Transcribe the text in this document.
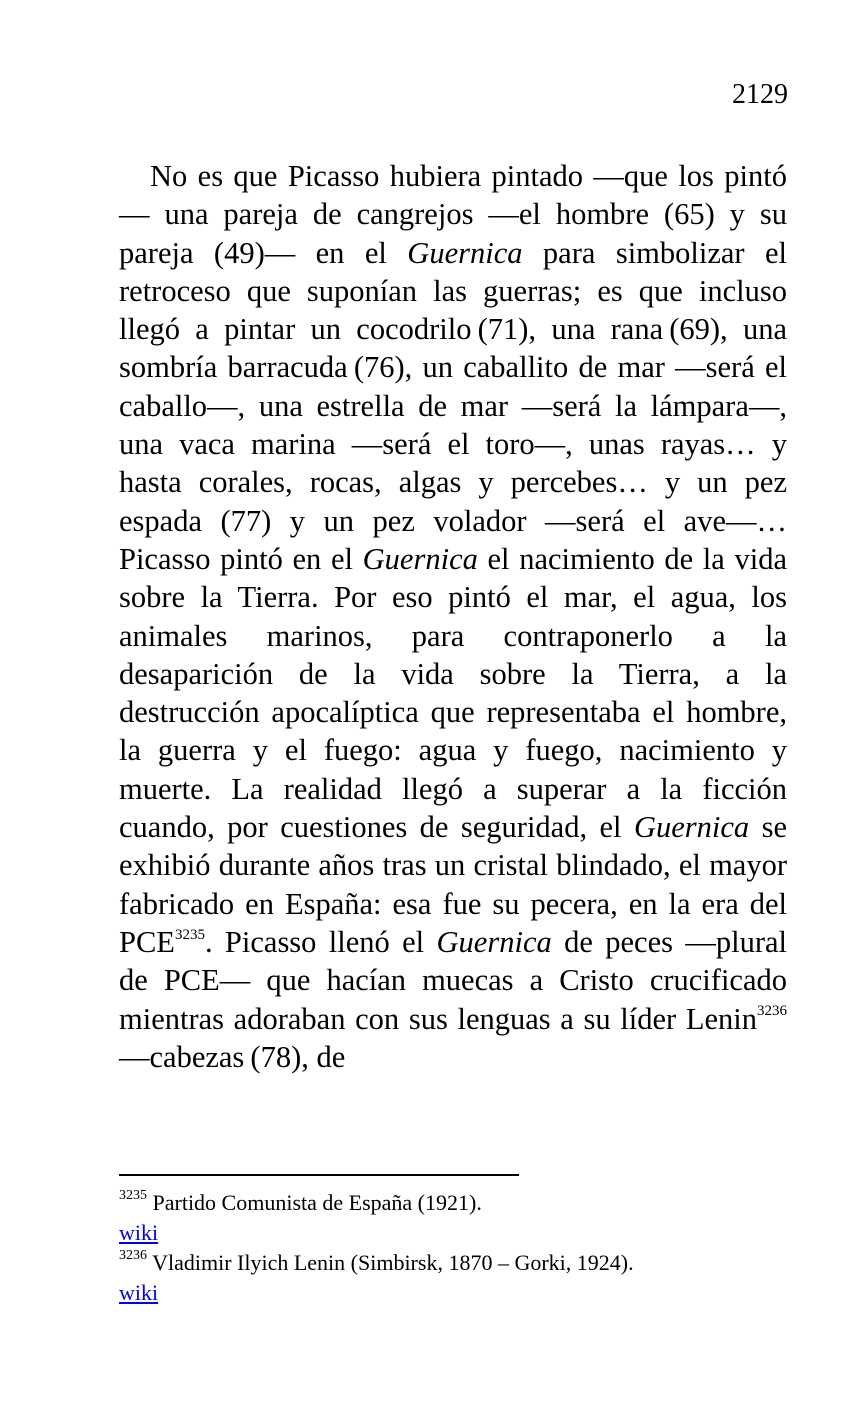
2129

No es que Picasso hubiera pintado —que los pintó— una pareja de cangrejos —el hombre (65) y su pareja (49)— en el Guernica para simbolizar el retroceso que suponían las guerras; es que incluso llegó a pintar un cocodrilo (71), una rana (69), una sombría barracuda (76), un caballito de mar —será el caballo—, una estrella de mar —será la lámpara—, una vaca marina —será el toro—, unas rayas… y hasta corales, rocas, algas y percebes… y un pez espada (77) y un pez volador —será el ave—… Picasso pintó en el Guernica el nacimiento de la vida sobre la Tierra. Por eso pintó el mar, el agua, los animales marinos, para contraponerlo a la desaparición de la vida sobre la Tierra, a la destrucción apocalíptica que representaba el hombre, la guerra y el fuego: agua y fuego, nacimiento y muerte. La realidad llegó a superar a la ficción cuando, por cuestiones de seguridad, el Guernica se exhibió durante años tras un cristal blindado, el mayor fabricado en España: esa fue su pecera, en la era del $PCE^{3235}$. Picasso llenó el Guernica de peces —plural de PCE— que hacían muecas a Cristo crucificado mientras adoraban con sus lenguas a su líder Lenin$^{3236}$ —cabezas (78), de

$^{3235}$ Partido Comunista de España (1921).
wiki
$^{3236}$ Vladimir Ilyich Lenin (Simbirsk, 1870 – Gorki, 1924).
wiki
